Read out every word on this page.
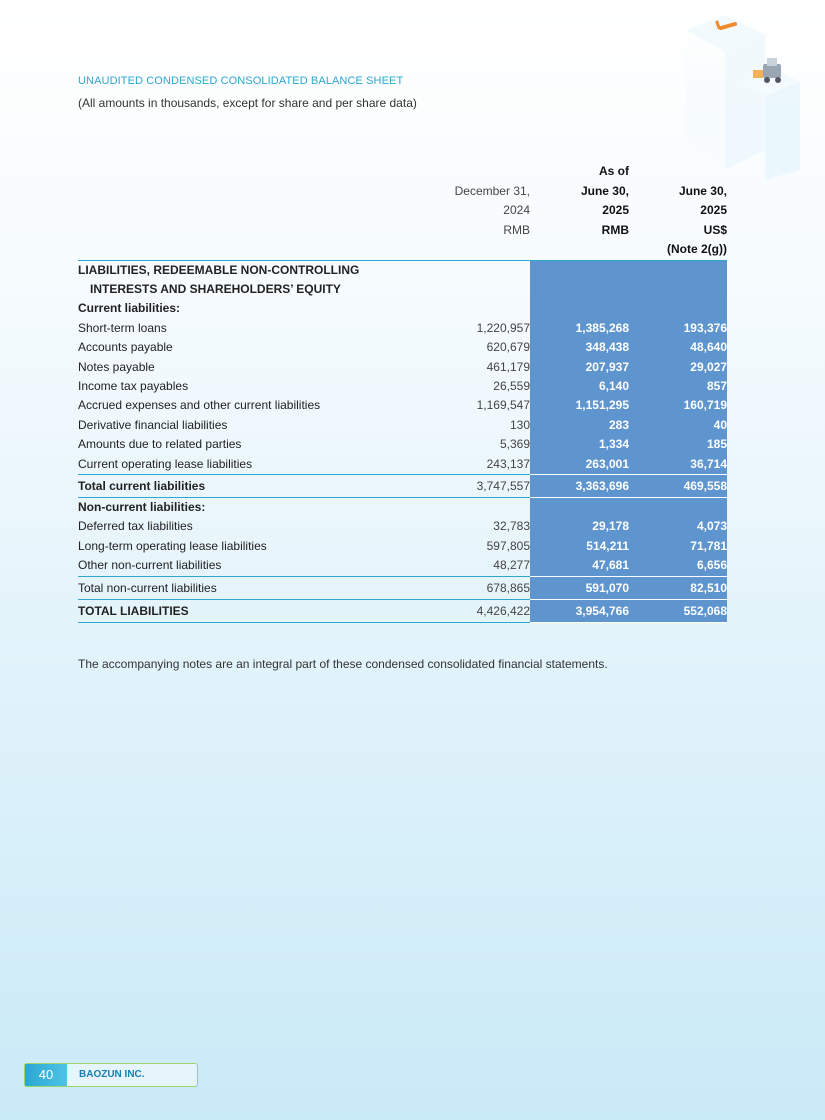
UNAUDITED CONDENSED CONSOLIDATED BALANCE SHEET
(All amounts in thousands, except for share and per share data)
		As of	
	December 31,	June 30,	June 30,
	2024	2025	2025
	RMB	RMB	US$
			(Note 2(g))
LIABILITIES, REDEEMABLE NON-CONTROLLING			
INTERESTS AND SHAREHOLDERS’ EQUITY			
Current liabilities:			
Short-term loans	1,220,957	1,385,268	193,376
Accounts payable	620,679	348,438	48,640
Notes payable	461,179	207,937	29,027
Income tax payables	26,559	6,140	857
Accrued expenses and other current liabilities	1,169,547	1,151,295	160,719
Derivative financial liabilities	130	283	40
Amounts due to related parties	5,369	1,334	185
Current operating lease liabilities	243,137	263,001	36,714
Total current liabilities	3,747,557	3,363,696	469,558
Non-current liabilities:			
Deferred tax liabilities	32,783	29,178	4,073
Long-term operating lease liabilities	597,805	514,211	71,781
Other non-current liabilities	48,277	47,681	6,656
Total non-current liabilities	678,865	591,070	82,510
TOTAL LIABILITIES	4,426,422	3,954,766	552,068
The accompanying notes are an integral part of these condensed consolidated financial statements.
40	BAOZUN INC.
